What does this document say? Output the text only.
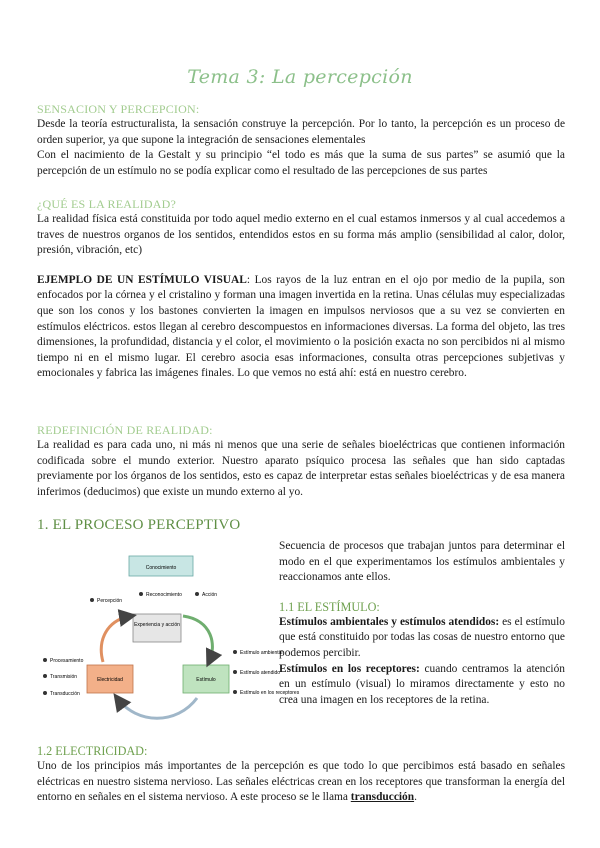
Tema 3: La percepción
SENSACION Y PERCEPCION:
Desde la teoría estructuralista, la sensación construye la percepción. Por lo tanto, la percepción es un proceso de orden superior, ya que supone la integración de sensaciones elementales
Con el nacimiento de la Gestalt y su principio “el todo es más que la suma de sus partes” se asumió que la percepción de un estímulo no se podía explicar como el resultado de las percepciones de sus partes
¿QUÉ ES LA REALIDAD?
La realidad física está constituida por todo aquel medio externo en el cual estamos inmersos y al cual accedemos a traves de nuestros organos de los sentidos, entendidos estos en su forma más amplio (sensibilidad al calor, dolor, presión, vibración, etc)
EJEMPLO DE UN ESTÍMULO VISUAL: Los rayos de la luz entran en el ojo por medio de la pupila, son enfocados por la córnea y el cristalino y forman una imagen invertida en la retina. Unas células muy especializadas que son los conos y los bastones convierten la imagen en impulsos nerviosos que a su vez se convierten en estímulos eléctricos. estos llegan al cerebro descompuestos en informaciones diversas. La forma del objeto, las tres dimensiones, la profundidad, distancia y el color, el movimiento o la posición exacta no son percibidos ni al mismo tiempo ni en el mismo lugar. El cerebro asocia esas informaciones, consulta otras percepciones subjetivas y emocionales y fabrica las imágenes finales. Lo que vemos no está ahí: está en nuestro cerebro.
REDEFINICIÓN DE REALIDAD:
La realidad es para cada uno, ni más ni menos que una serie de señales bioeléctricas que contienen información codificada sobre el mundo exterior. Nuestro aparato psíquico procesa las señales que han sido captadas previamente por los órganos de los sentidos, esto es capaz de interpretar estas señales bioeléctricas y de esa manera inferimos (deducimos) que existe un mundo externo al yo.
1. EL PROCESO PERCEPTIVO
Secuencia de procesos que trabajan juntos para determinar el modo en el que experimentamos los estímulos ambientales y reaccionamos ante ellos.
1.1 EL ESTÍMULO:
Estímulos ambientales y estímulos atendidos: es el estímulo que está constituido por todas las cosas de nuestro entorno que podemos percibir.
Estímulos en los receptores: cuando centramos la atención en un estímulo (visual) lo miramos directamente y esto no crea una imagen en los receptores de la retina.
Conocimiento
Percepción
Reconocimiento	Acción
Experiencia y acción
Electricidad	Estímulo
Procesamiento
Transmisión
Transducción
Estímulo ambiental
Estímulo atendido
Estímulo en los receptores
1.2 ELECTRICIDAD:
Uno de los principios más importantes de la percepción es que todo lo que percibimos está basado en señales eléctricas en nuestro sistema nervioso. Las señales eléctricas crean en los receptores que transforman la energía del entorno en señales en el sistema nervioso. A este proceso se le llama transducción.
